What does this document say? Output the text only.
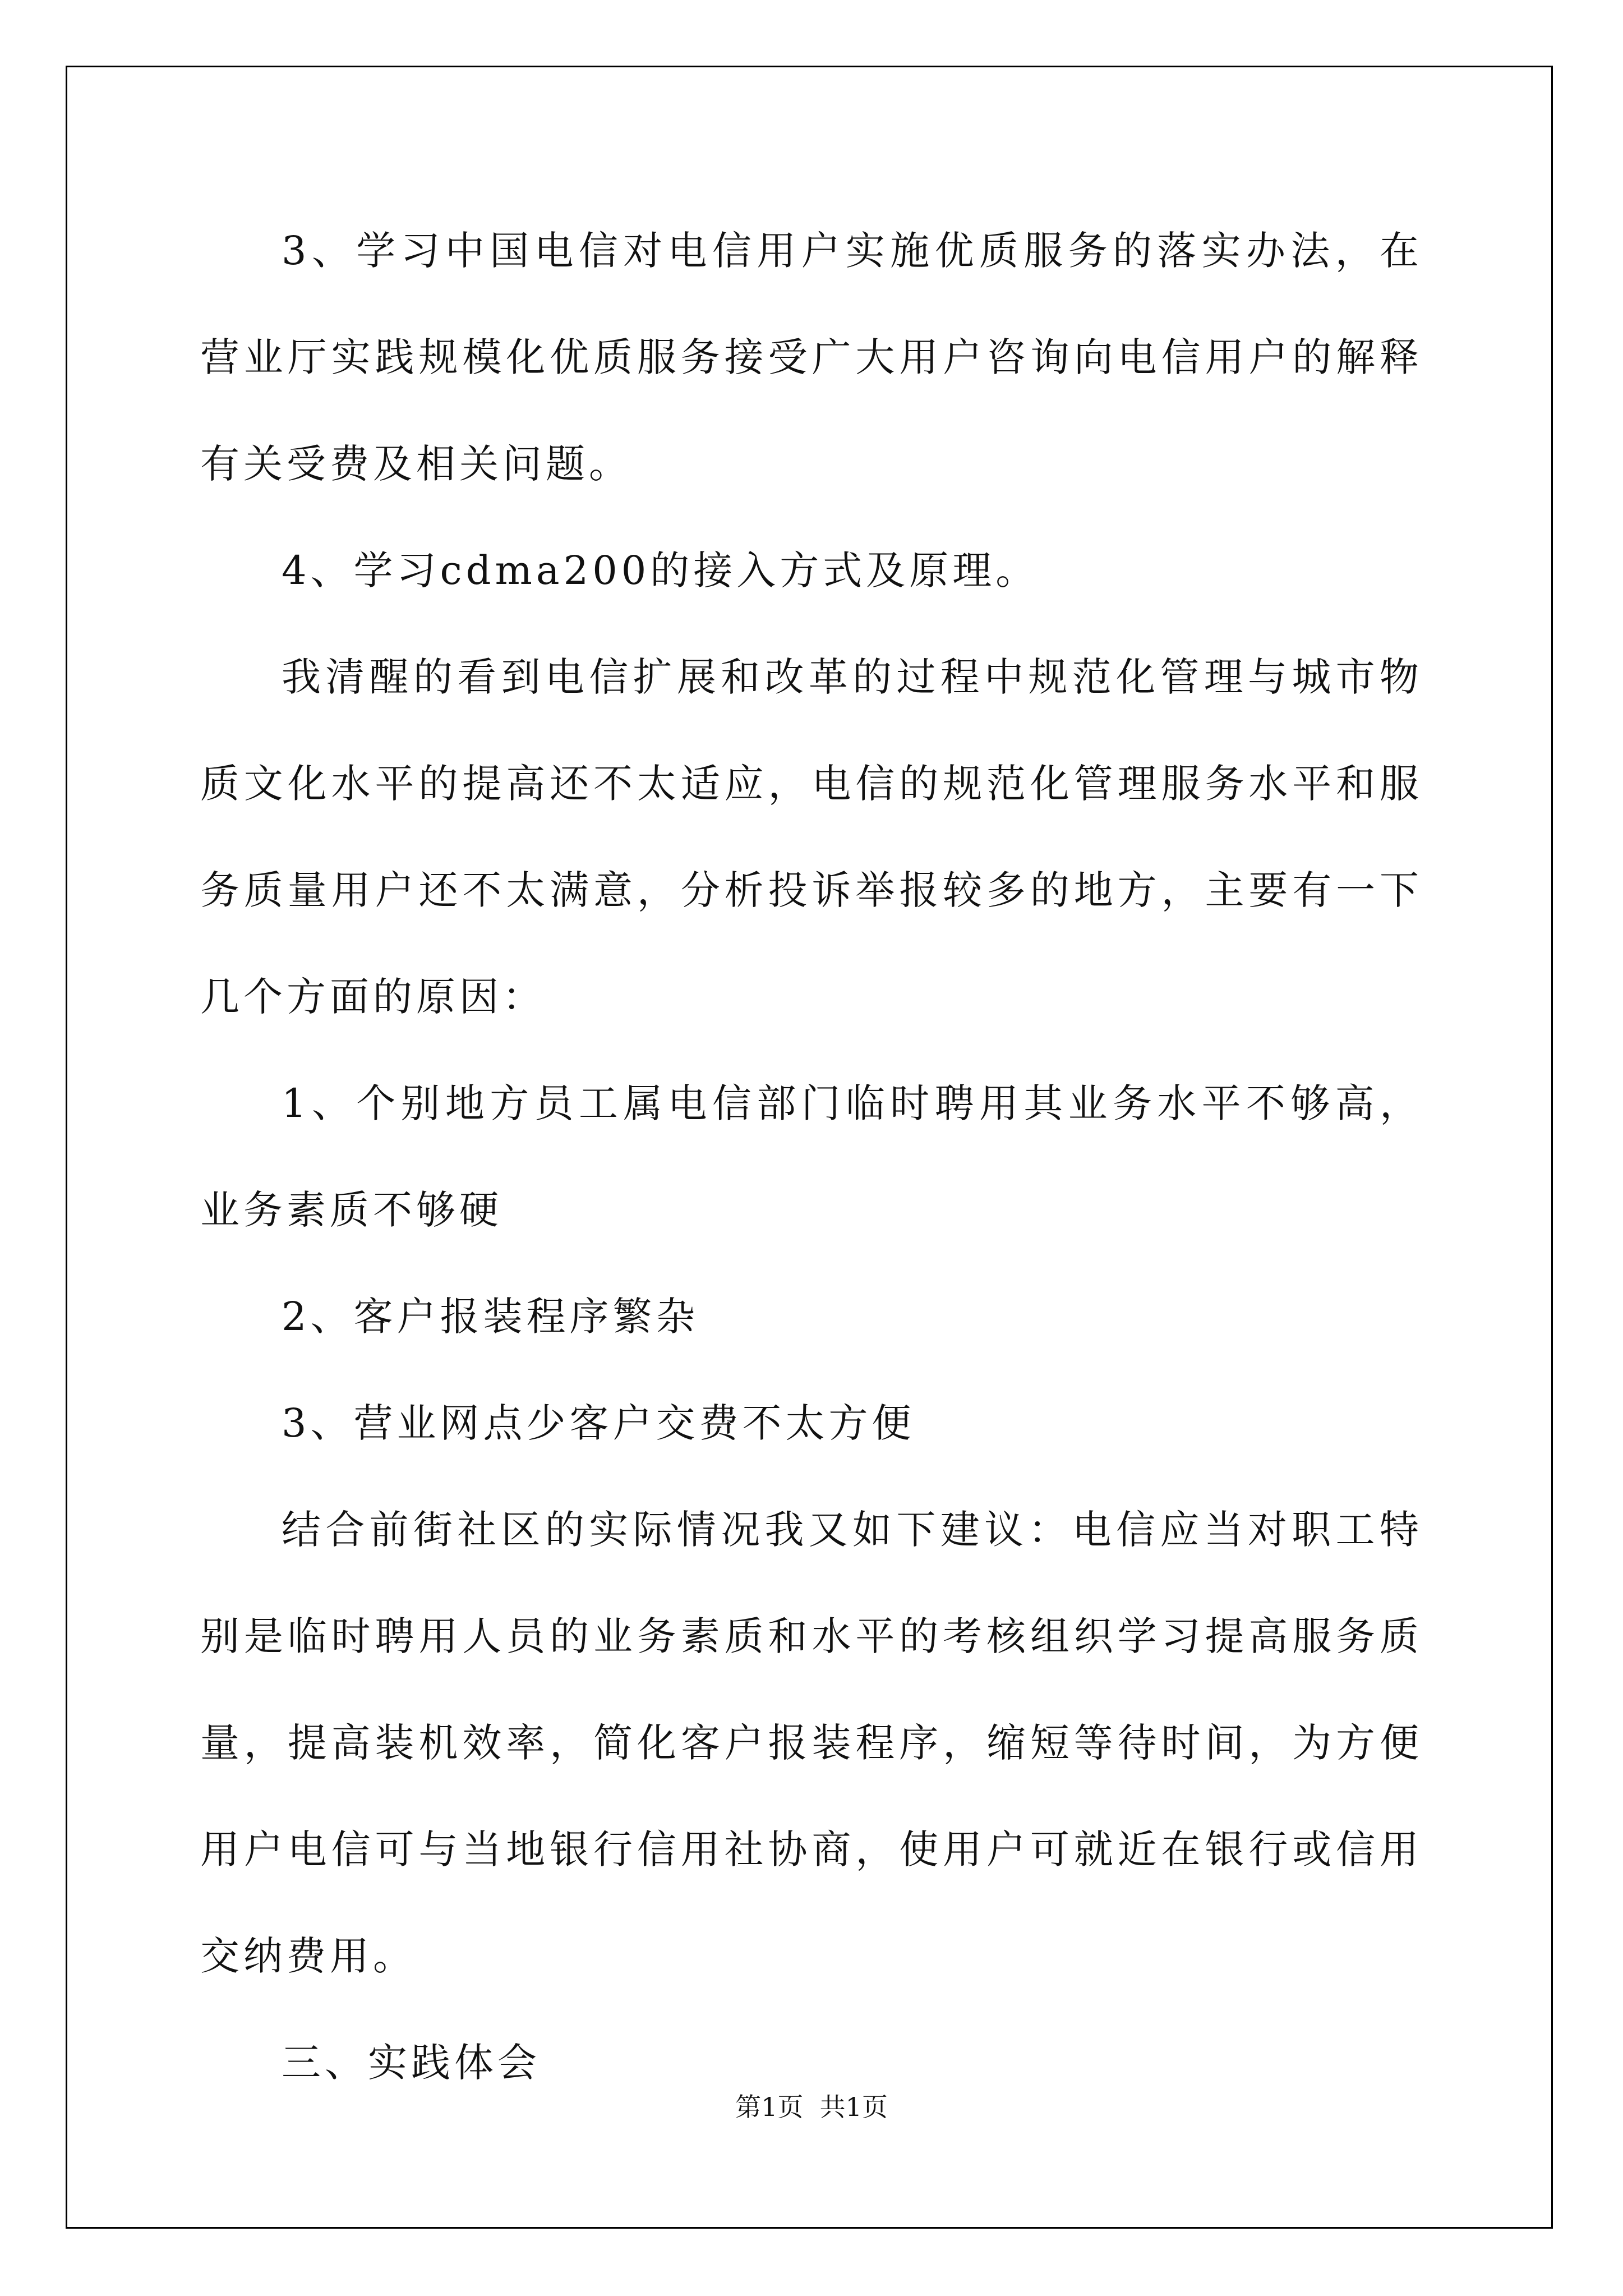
3、学习中国电信对电信用户实施优质服务的落实办法，在营业厅实践规模化优质服务接受广大用户咨询向电信用户的解释有关受费及相关问题。

4、学习cdma200的接入方式及原理。

我清醒的看到电信扩展和改革的过程中规范化管理与城市物质文化水平的提高还不太适应，电信的规范化管理服务水平和服务质量用户还不太满意，分析投诉举报较多的地方，主要有一下几个方面的原因：

1、个别地方员工属电信部门临时聘用其业务水平不够高，业务素质不够硬

2、客户报装程序繁杂

3、营业网点少客户交费不太方便

结合前街社区的实际情况我又如下建议：电信应当对职工特别是临时聘用人员的业务素质和水平的考核组织学习提高服务质量，提高装机效率，简化客户报装程序，缩短等待时间，为方便用户电信可与当地银行信用社协商，使用户可就近在银行或信用交纳费用。

三、实践体会

第1页  共1页
